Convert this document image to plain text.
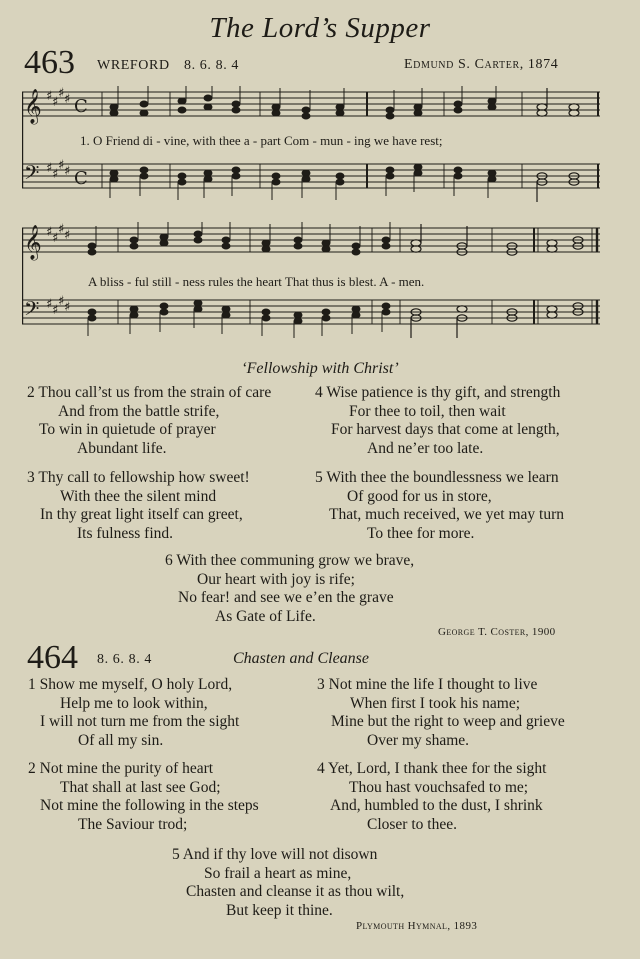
The Lord’s Supper
463 WREFORD 8. 6. 8. 4	Edmund S. Carter, 1874
𝄞
𝄢
♯ ♯
♯ ♯
♯ ♯
♯ ♯
C
C
1. O Friend di - vine, with thee a - part Com - mun - ing we have rest;
𝄞
𝄢
♯ ♯
♯ ♯
♯ ♯
♯ ♯
A bliss - ful still - ness rules the heart That thus is blest. A - men.
‘Fellowship with Christ’
2 Thou call’st us from the strain of care
And from the battle strife,
To win in quietude of prayer
Abundant life.
4 Wise patience is thy gift, and strength
For thee to toil, then wait
For harvest days that come at length,
And ne’er too late.
3 Thy call to fellowship how sweet!
With thee the silent mind
In thy great light itself can greet,
Its fulness find.
5 With thee the boundlessness we learn
Of good for us in store,
That, much received, we yet may turn
To thee for more.
6 With thee communing grow we brave,
Our heart with joy is rife;
No fear! and see we e’en the grave
As Gate of Life.
George T. Coster, 1900
464 8. 6. 8. 4	Chasten and Cleanse
1 Show me myself, O holy Lord,
Help me to look within,
I will not turn me from the sight
Of all my sin.
3 Not mine the life I thought to live
When first I took his name;
Mine but the right to weep and grieve
Over my shame.
2 Not mine the purity of heart
That shall at last see God;
Not mine the following in the steps
The Saviour trod;
4 Yet, Lord, I thank thee for the sight
Thou hast vouchsafed to me;
And, humbled to the dust, I shrink
Closer to thee.
5 And if thy love will not disown
So frail a heart as mine,
Chasten and cleanse it as thou wilt,
But keep it thine.
Plymouth Hymnal, 1893
